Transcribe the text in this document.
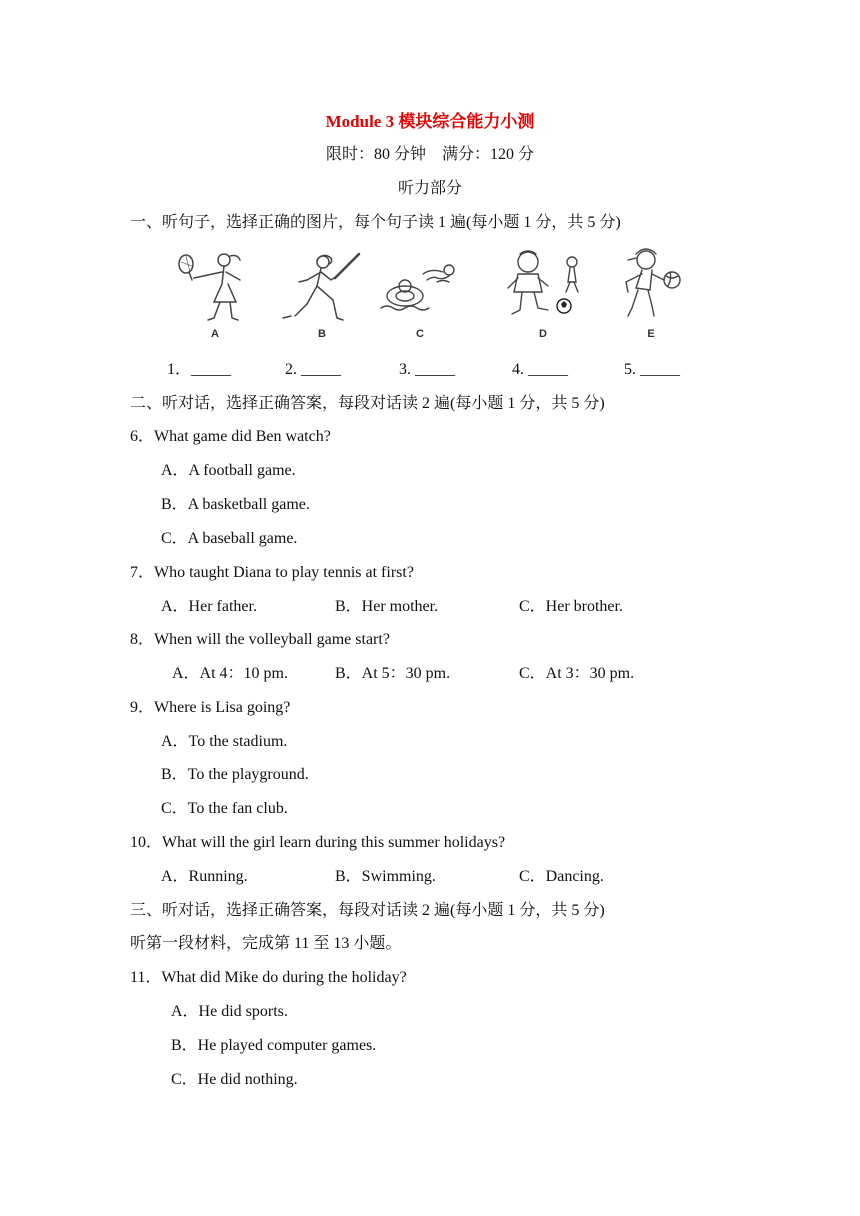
Module 3 模块综合能力小测
限时：80 分钟　满分：120 分
听力部分
一、听句子，选择正确的图片，每个句子读 1 遍(每小题 1 分，共 5 分)
A	B	C	D	E
1．_____	2. _____	3. _____	4. _____	5. _____
二、听对话，选择正确答案，每段对话读 2 遍(每小题 1 分，共 5 分)
6．What game did Ben watch?
A．A football game.
B．A basketball game.
C．A baseball game.
7．Who taught Diana to play tennis at first?
A．Her father.	B．Her mother.	C．Her brother.
8．When will the volleyball game start?
A．At 4：10 pm.	B．At 5：30 pm.	C．At 3：30 pm.
9．Where is Lisa going?
A．To the stadium.
B．To the playground.
C．To the fan club.
10．What will the girl learn during this summer holidays?
A．Running.	B．Swimming.	C．Dancing.
三、听对话，选择正确答案，每段对话读 2 遍(每小题 1 分，共 5 分)
听第一段材料，完成第 11 至 13 小题。
11．What did Mike do during the holiday?
A．He did sports.
B．He played computer games.
C．He did nothing.
